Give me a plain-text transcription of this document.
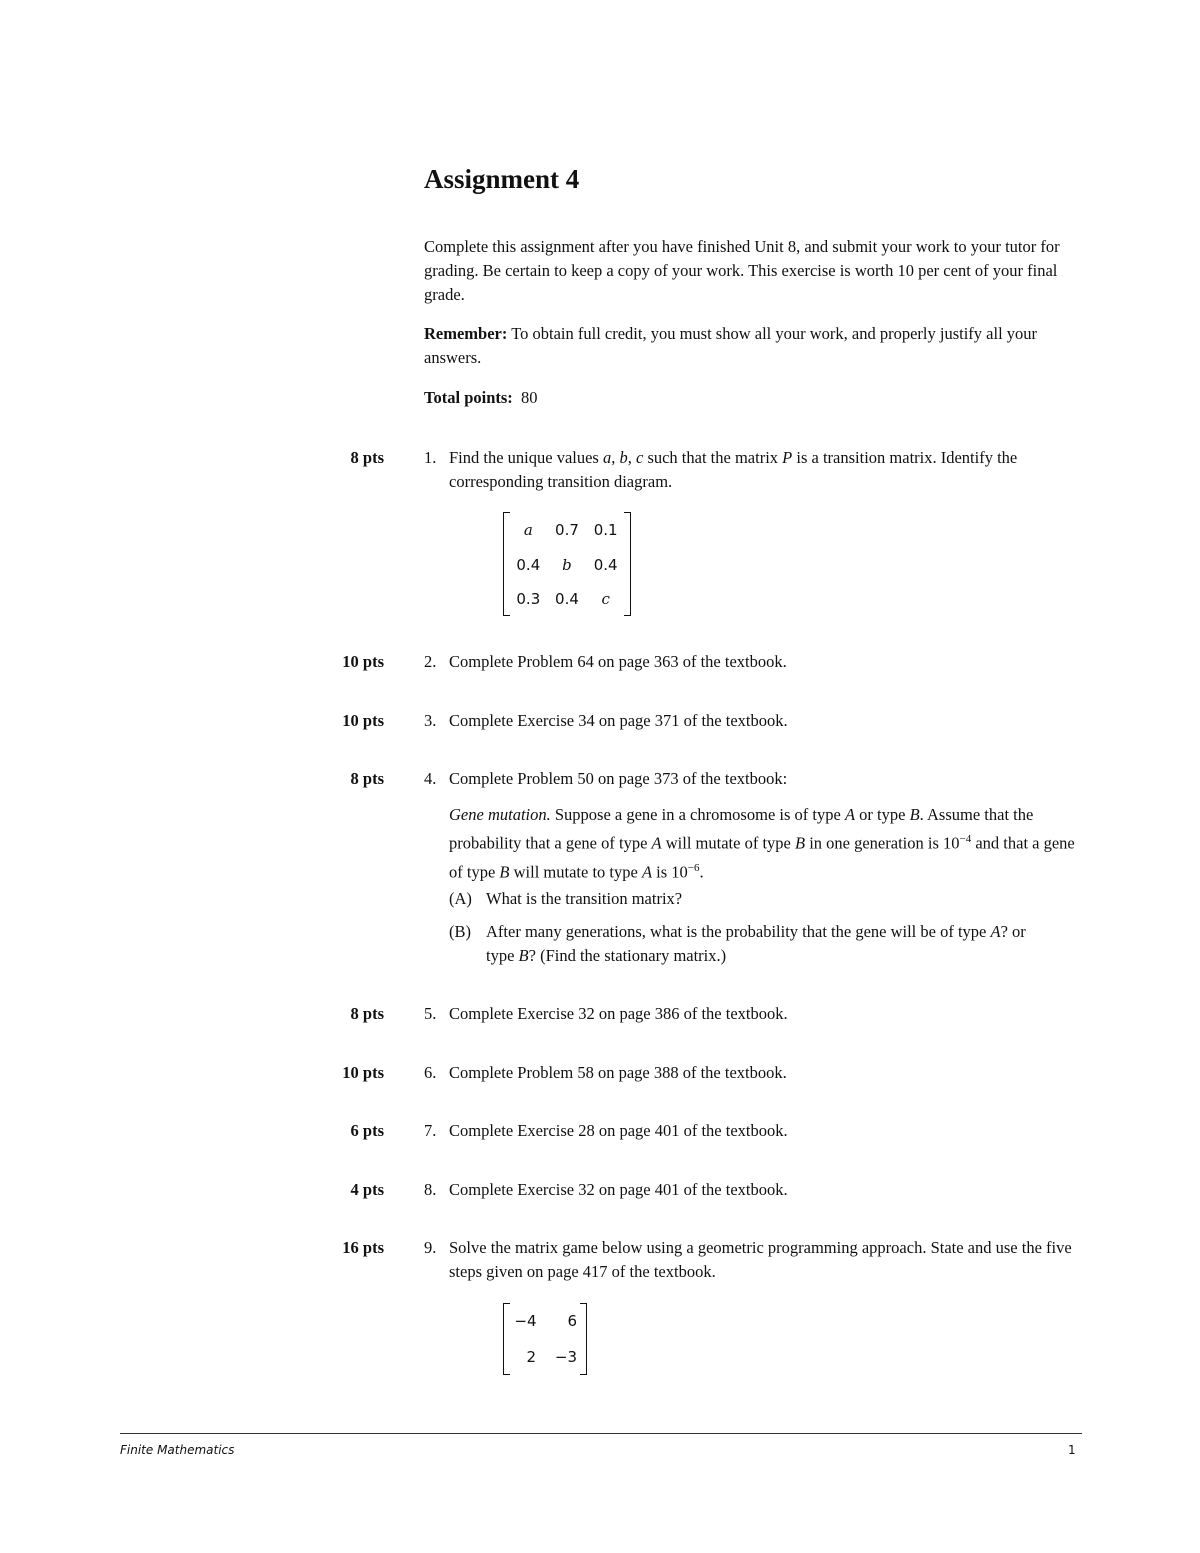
Assignment 4

Complete this assignment after you have finished Unit 8, and submit your work to your tutor for grading. Be certain to keep a copy of your work. This exercise is worth 10 per cent of your final grade.

Remember: To obtain full credit, you must show all your work, and properly justify all your answers.

Total points: 80

8 pts 1. Find the unique values a, b, c such that the matrix P is a transition matrix. Identify the corresponding transition diagram.

a	0.7	0.1
0.4	b	0.4
0.3	0.4	c
10 pts 2. Complete Problem 64 on page 363 of the textbook.

10 pts 3. Complete Exercise 34 on page 371 of the textbook.

8 pts 4. Complete Problem 50 on page 373 of the textbook:

Gene mutation. Suppose a gene in a chromosome is of type A or type B. Assume that the probability that a gene of type A will mutate of type B in one generation is $10^{-4}$ and that a gene of type B will mutate to type A is $10^{-6}$.

(A) What is the transition matrix?

(B) After many generations, what is the probability that the gene will be of type A? or type B? (Find the stationary matrix.)

8 pts 5. Complete Exercise 32 on page 386 of the textbook.

10 pts 6. Complete Problem 58 on page 388 of the textbook.

6 pts 7. Complete Exercise 28 on page 401 of the textbook.

4 pts 8. Complete Exercise 32 on page 401 of the textbook.

16 pts 9. Solve the matrix game below using a geometric programming approach. State and use the five steps given on page 417 of the textbook.

−4	6
2	−3
Finite Mathematics	1
